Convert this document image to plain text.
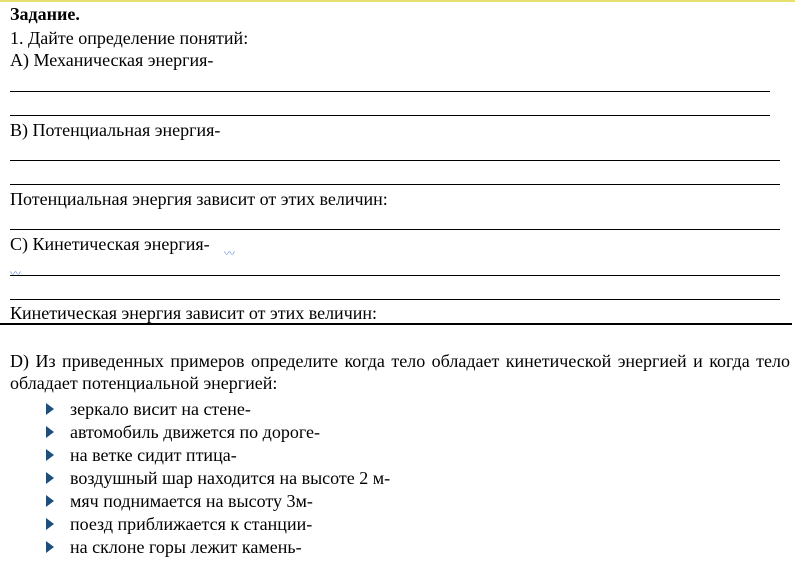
Задание.
1. Дайте определение понятий:
А) Механическая энергия-
В) Потенциальная энергия-
Потенциальная энергия зависит от этих величин:
С) Кинетическая энергия- 〰
〰
Кинетическая энергия зависит от этих величин:
D) Из приведенных примеров определите когда тело обладает кинетической энергией и когда тело обладает потенциальной энергией:
зеркало висит на стене-
автомобиль движется по дороге-
на ветке сидит птица-
воздушный шар находится на высоте 2 м-
мяч поднимается на высоту 3м-
поезд приближается к станции-
на склоне горы лежит камень-
